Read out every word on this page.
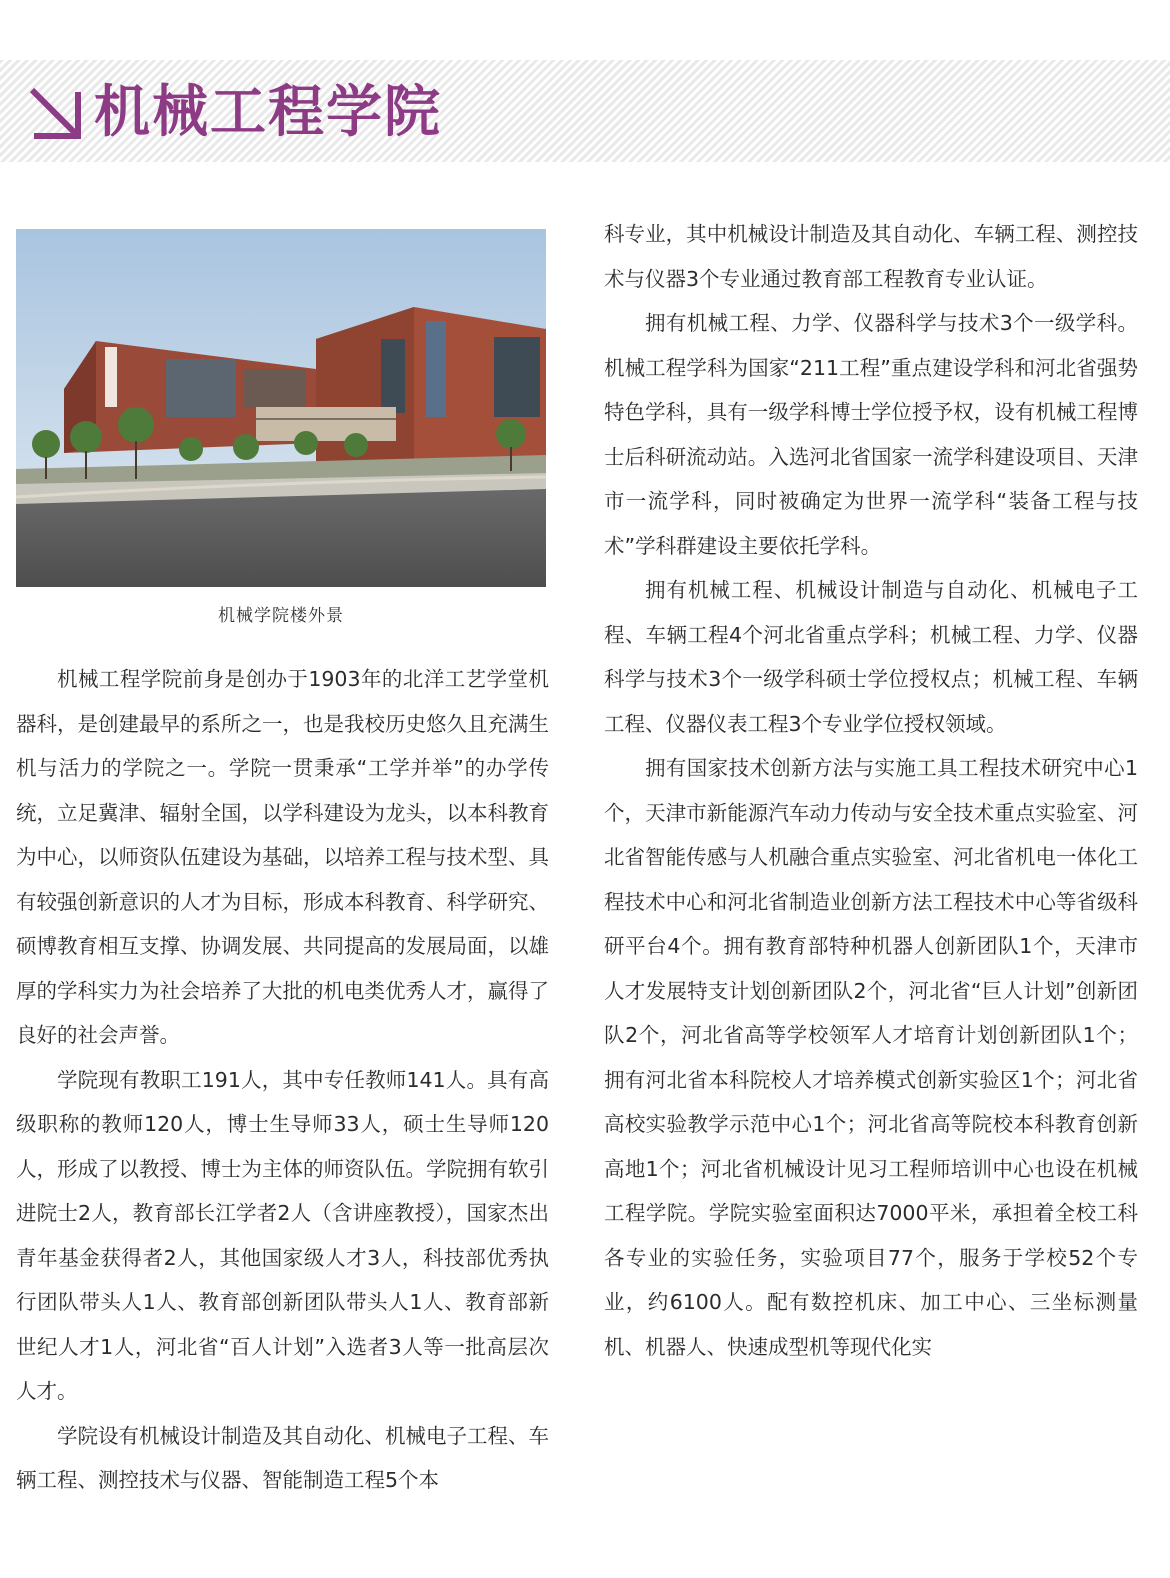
机械工程学院
机械学院楼外景

机械工程学院前身是创办于1903年的北洋工艺学堂机器科，是创建最早的系所之一，也是我校历史悠久且充满生机与活力的学院之一。学院一贯秉承“工学并举”的办学传统，立足冀津、辐射全国，以学科建设为龙头，以本科教育为中心，以师资队伍建设为基础，以培养工程与技术型、具有较强创新意识的人才为目标，形成本科教育、科学研究、硕博教育相互支撑、协调发展、共同提高的发展局面，以雄厚的学科实力为社会培养了大批的机电类优秀人才，赢得了良好的社会声誉。

学院现有教职工191人，其中专任教师141人。具有高级职称的教师120人，博士生导师33人，硕士生导师120人，形成了以教授、博士为主体的师资队伍。学院拥有软引进院士2人，教育部长江学者2人（含讲座教授），国家杰出青年基金获得者2人，其他国家级人才3人，科技部优秀执行团队带头人1人、教育部创新团队带头人1人、教育部新世纪人才1人，河北省“百人计划”入选者3人等一批高层次人才。

学院设有机械设计制造及其自动化、机械电子工程、车辆工程、测控技术与仪器、智能制造工程5个本

科专业，其中机械设计制造及其自动化、车辆工程、测控技术与仪器3个专业通过教育部工程教育专业认证。

拥有机械工程、力学、仪器科学与技术3个一级学科。机械工程学科为国家“211工程”重点建设学科和河北省强势特色学科，具有一级学科博士学位授予权，设有机械工程博士后科研流动站。入选河北省国家一流学科建设项目、天津市一流学科，同时被确定为世界一流学科“装备工程与技术”学科群建设主要依托学科。

拥有机械工程、机械设计制造与自动化、机械电子工程、车辆工程4个河北省重点学科；机械工程、力学、仪器科学与技术3个一级学科硕士学位授权点；机械工程、车辆工程、仪器仪表工程3个专业学位授权领域。

拥有国家技术创新方法与实施工具工程技术研究中心1个，天津市新能源汽车动力传动与安全技术重点实验室、河北省智能传感与人机融合重点实验室、河北省机电一体化工程技术中心和河北省制造业创新方法工程技术中心等省级科研平台4个。拥有教育部特种机器人创新团队1个，天津市人才发展特支计划创新团队2个，河北省“巨人计划”创新团队2个，河北省高等学校领军人才培育计划创新团队1个；拥有河北省本科院校人才培养模式创新实验区1个；河北省高校实验教学示范中心1个；河北省高等院校本科教育创新高地1个；河北省机械设计见习工程师培训中心也设在机械工程学院。学院实验室面积达7000平米，承担着全校工科各专业的实验任务，实验项目77个，服务于学校52个专业，约6100人。配有数控机床、加工中心、三坐标测量机、机器人、快速成型机等现代化实
